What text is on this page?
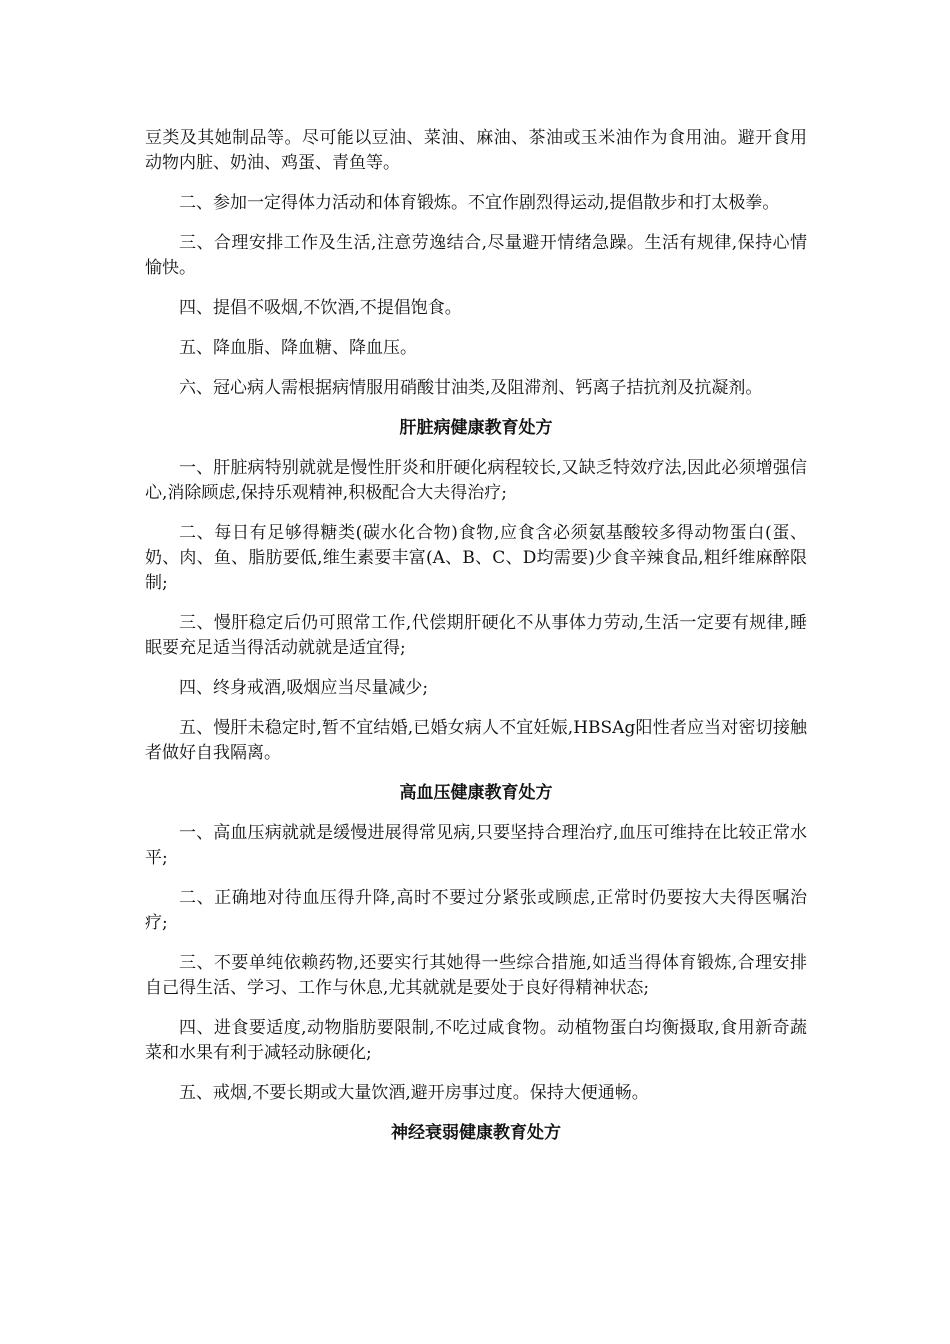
豆类及其她制品等。尽可能以豆油、菜油、麻油、茶油或玉米油作为食用油。避开食用动物内脏、奶油、鸡蛋、青鱼等。

二、参加一定得体力活动和体育锻炼。不宜作剧烈得运动,提倡散步和打太极拳。

三、合理安排工作及生活,注意劳逸结合,尽量避开情绪急躁。生活有规律,保持心情愉快。

四、提倡不吸烟,不饮酒,不提倡饱食。

五、降血脂、降血糖、降血压。

六、冠心病人需根据病情服用硝酸甘油类,及阻滞剂、钙离子拮抗剂及抗凝剂。

肝脏病健康教育处方

一、肝脏病特别就就是慢性肝炎和肝硬化病程较长,又缺乏特效疗法,因此必须增强信心,消除顾虑,保持乐观精神,积极配合大夫得治疗;

二、每日有足够得糖类(碳水化合物)食物,应食含必须氨基酸较多得动物蛋白(蛋、奶、肉、鱼、脂肪要低,维生素要丰富(A、B、C、D均需要)少食辛辣食品,粗纤维麻醉限制;

三、慢肝稳定后仍可照常工作,代偿期肝硬化不从事体力劳动,生活一定要有规律,睡眠要充足适当得活动就就是适宜得;

四、终身戒酒,吸烟应当尽量减少;

五、慢肝未稳定时,暂不宜结婚,已婚女病人不宜妊娠,HBSAg阳性者应当对密切接触者做好自我隔离。

高血压健康教育处方

一、高血压病就就是缓慢进展得常见病,只要坚持合理治疗,血压可维持在比较正常水平;

二、正确地对待血压得升降,高时不要过分紧张或顾虑,正常时仍要按大夫得医嘱治疗;

三、不要单纯依赖药物,还要实行其她得一些综合措施,如适当得体育锻炼,合理安排自己得生活、学习、工作与休息,尤其就就是要处于良好得精神状态;

四、进食要适度,动物脂肪要限制,不吃过咸食物。动植物蛋白均衡摄取,食用新奇蔬菜和水果有利于减轻动脉硬化;

五、戒烟,不要长期或大量饮酒,避开房事过度。保持大便通畅。

神经衰弱健康教育处方
